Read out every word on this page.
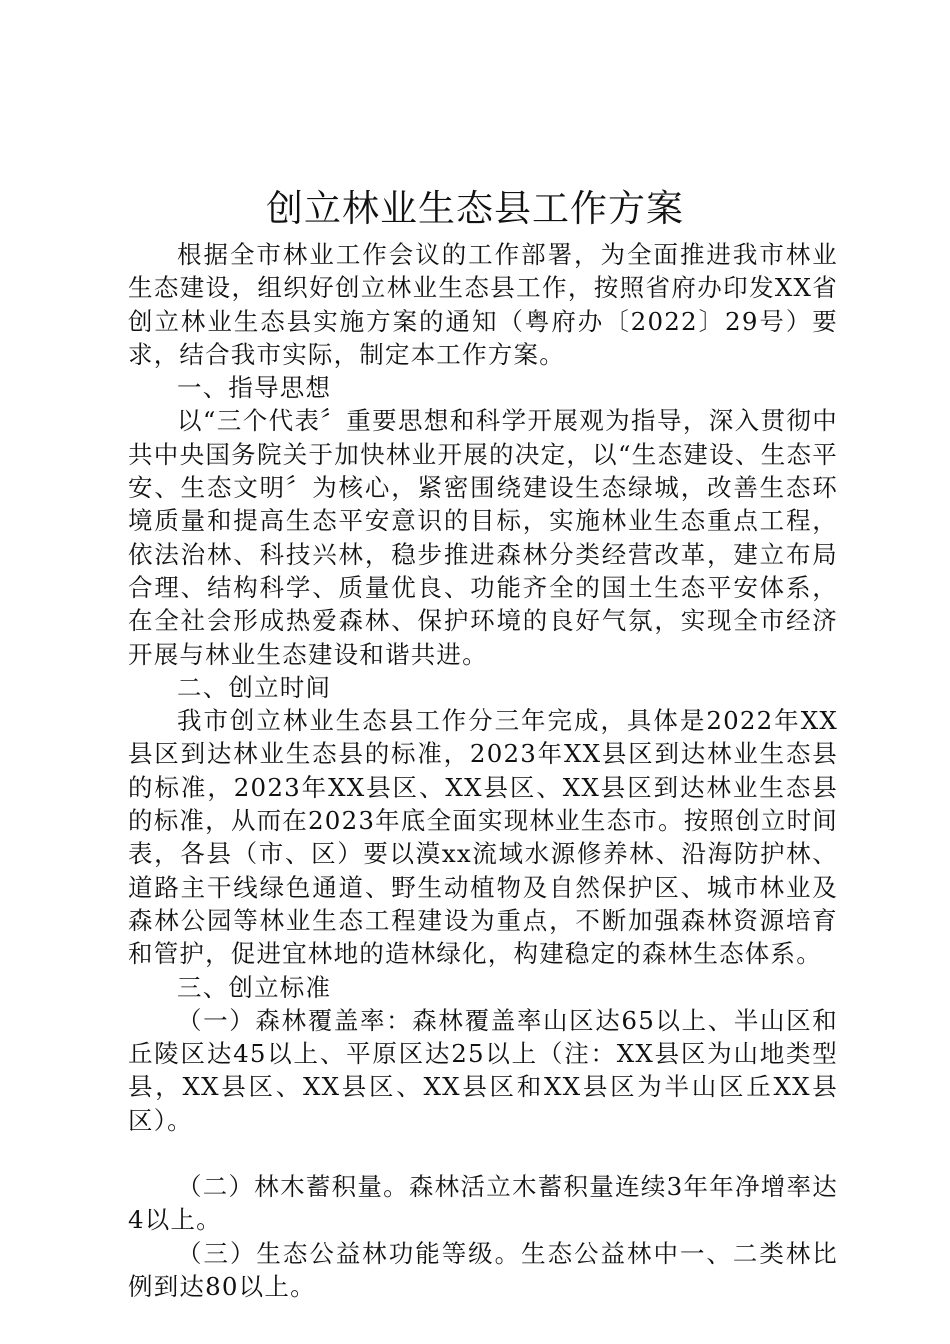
创立林业生态县工作方案

根据全市林业工作会议的工作部署，为全面推进我市林业生态建设，组织好创立林业生态县工作，按照省府办印发XX省创立林业生态县实施方案的通知（粤府办〔2022〕29号）要求，结合我市实际，制定本工作方案。

一、指导思想

以“三个代表〞重要思想和科学开展观为指导，深入贯彻中共中央国务院关于加快林业开展的决定，以“生态建设、生态平安、生态文明〞为核心，紧密围绕建设生态绿城，改善生态环境质量和提高生态平安意识的目标，实施林业生态重点工程，依法治林、科技兴林，稳步推进森林分类经营改革，建立布局合理、结构科学、质量优良、功能齐全的国土生态平安体系，在全社会形成热爱森林、保护环境的良好气氛，实现全市经济开展与林业生态建设和谐共进。

二、创立时间

我市创立林业生态县工作分三年完成，具体是2022年XX县区到达林业生态县的标准，2023年XX县区到达林业生态县的标准，2023年XX县区、XX县区、XX县区到达林业生态县的标准，从而在2023年底全面实现林业生态市。按照创立时间表，各县（市、区）要以漠xx流域水源修养林、沿海防护林、道路主干线绿色通道、野生动植物及自然保护区、城市林业及森林公园等林业生态工程建设为重点，不断加强森林资源培育和管护，促进宜林地的造林绿化，构建稳定的森林生态体系。

三、创立标准

（一）森林覆盖率：森林覆盖率山区达65以上、半山区和丘陵区达45以上、平原区达25以上（注：XX县区为山地类型县，XX县区、XX县区、XX县区和XX县区为半山区丘XX县区）。

（二）林木蓄积量。森林活立木蓄积量连续3年年净增率达4以上。

（三）生态公益林功能等级。生态公益林中一、二类林比例到达80以上。
